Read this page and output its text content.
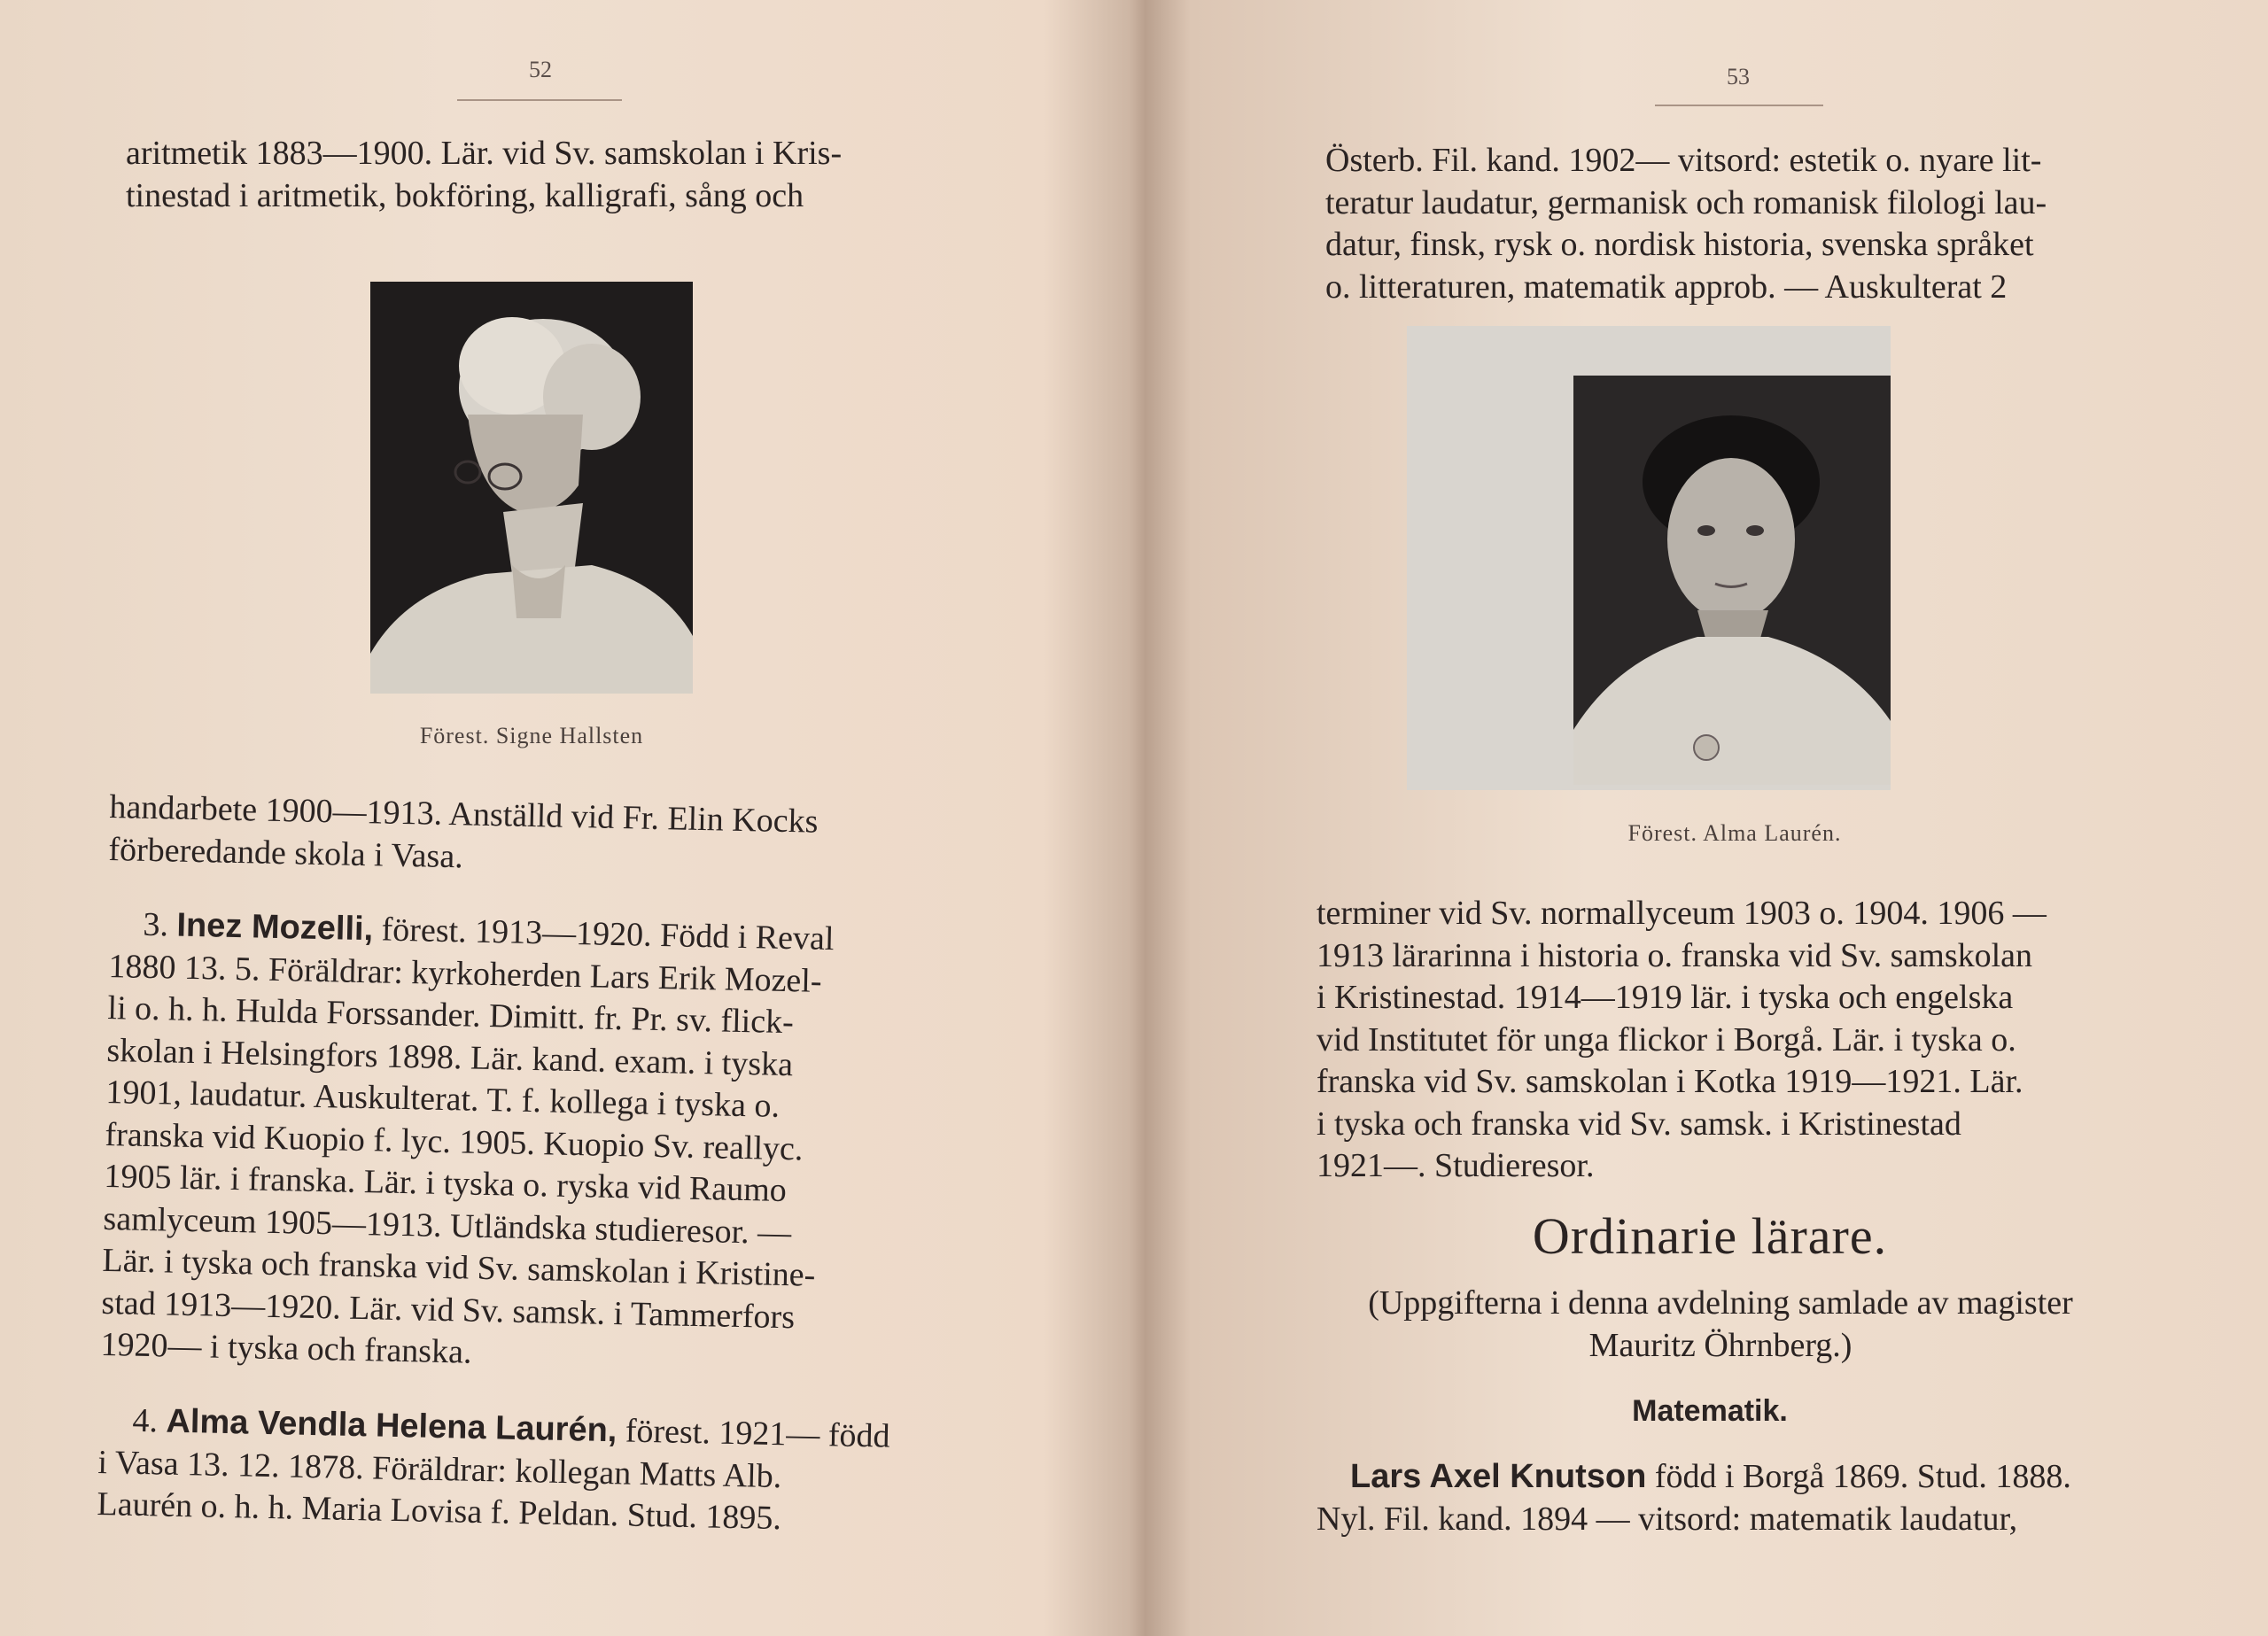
52
aritmetik 1883—1900. Lär. vid Sv. samskolan i Kris-
tinestad i aritmetik, bokföring, kalligrafi, sång och
Förest. Signe Hallsten
handarbete 1900—1913. Anställd vid Fr. Elin Kocks
förberedande skola i Vasa.
 3. Inez Mozelli, förest. 1913—1920. Född i Reval
1880 13. 5. Föräldrar: kyrkoherden Lars Erik Mozel-
li o. h. h. Hulda Forssander. Dimitt. fr. Pr. sv. flick-
skolan i Helsingfors 1898. Lär. kand. exam. i tyska
1901, laudatur. Auskulterat. T. f. kollega i tyska o.
franska vid Kuopio f. lyc. 1905. Kuopio Sv. reallyc.
1905 lär. i franska. Lär. i tyska o. ryska vid Raumo
samlyceum 1905—1913. Utländska studieresor. —
Lär. i tyska och franska vid Sv. samskolan i Kristine-
stad 1913—1920. Lär. vid Sv. samsk. i Tammerfors
1920— i tyska och franska.
 4. Alma Vendla Helena Laurén, förest. 1921— född
i Vasa 13. 12. 1878. Föräldrar: kollegan Matts Alb.
Laurén o. h. h. Maria Lovisa f. Peldan. Stud. 1895.
53
Österb. Fil. kand. 1902— vitsord: estetik o. nyare lit-
teratur laudatur, germanisk och romanisk filologi lau-
datur, finsk, rysk o. nordisk historia, svenska språket
o. litteraturen, matematik approb. — Auskulterat 2
Förest. Alma Laurén.
terminer vid Sv. normallyceum 1903 o. 1904. 1906 —
1913 lärarinna i historia o. franska vid Sv. samskolan
i Kristinestad. 1914—1919 lär. i tyska och engelska
vid Institutet för unga flickor i Borgå. Lär. i tyska o.
franska vid Sv. samskolan i Kotka 1919—1921. Lär.
i tyska och franska vid Sv. samsk. i Kristinestad
1921—. Studieresor.
Ordinarie lärare.
(Uppgifterna i denna avdelning samlade av magister
Mauritz Öhrnberg.)
Matematik.
 Lars Axel Knutson född i Borgå 1869. Stud. 1888.
Nyl. Fil. kand. 1894 — vitsord: matematik laudatur,
